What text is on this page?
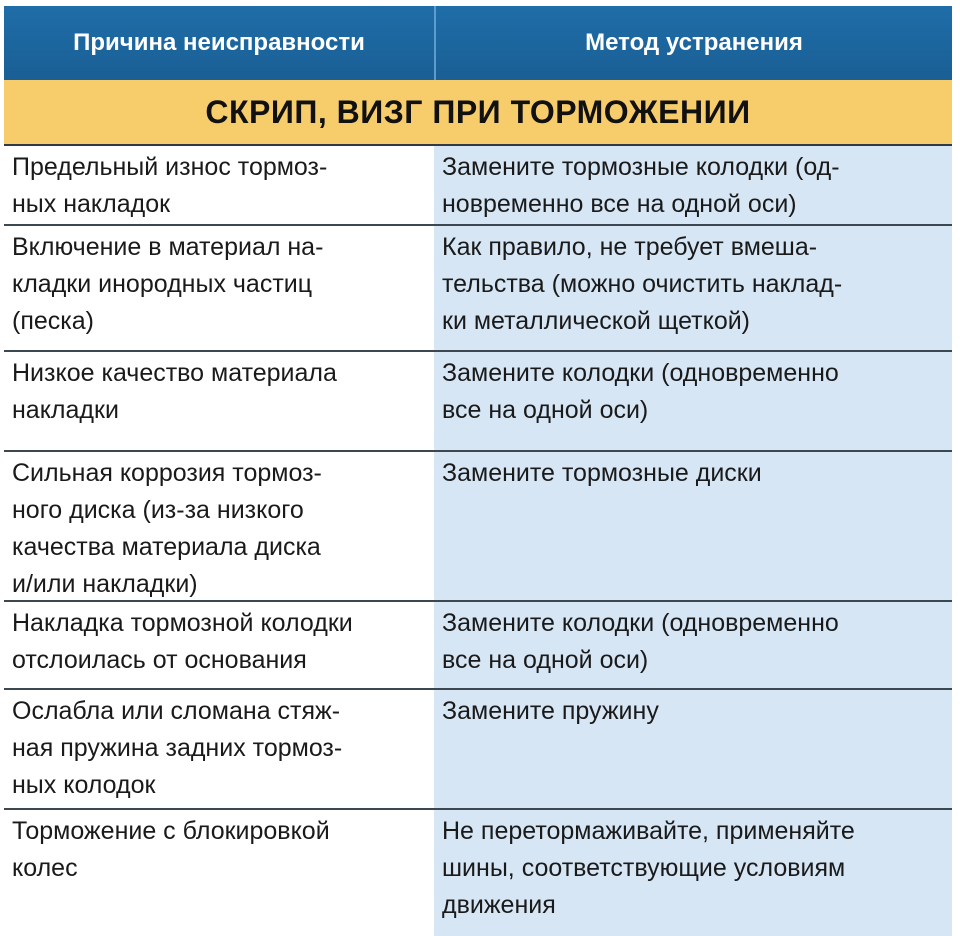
Причина неисправности	Метод устранения
СКРИП, ВИЗГ ПРИ ТОРМОЖЕНИИ
Предельный износ тормоз-
ных накладок
Замените тормозные колодки (од-
новременно все на одной оси)
Включение в материал на-
кладки инородных частиц
(песка)
Как правило, не требует вмеша-
тельства (можно очистить наклад-
ки металлической щеткой)
Низкое качество материала
накладки
Замените колодки (одновременно
все на одной оси)
Сильная коррозия тормоз-
ного диска (из-за низкого
качества материала диска
и/или накладки)
Замените тормозные диски
Накладка тормозной колодки
отслоилась от основания
Замените колодки (одновременно
все на одной оси)
Ослабла или сломана стяж-
ная пружина задних тормоз-
ных колодок
Замените пружину
Торможение с блокировкой
колес
Не перетормаживайте, применяйте
шины, соответствующие условиям
движения
